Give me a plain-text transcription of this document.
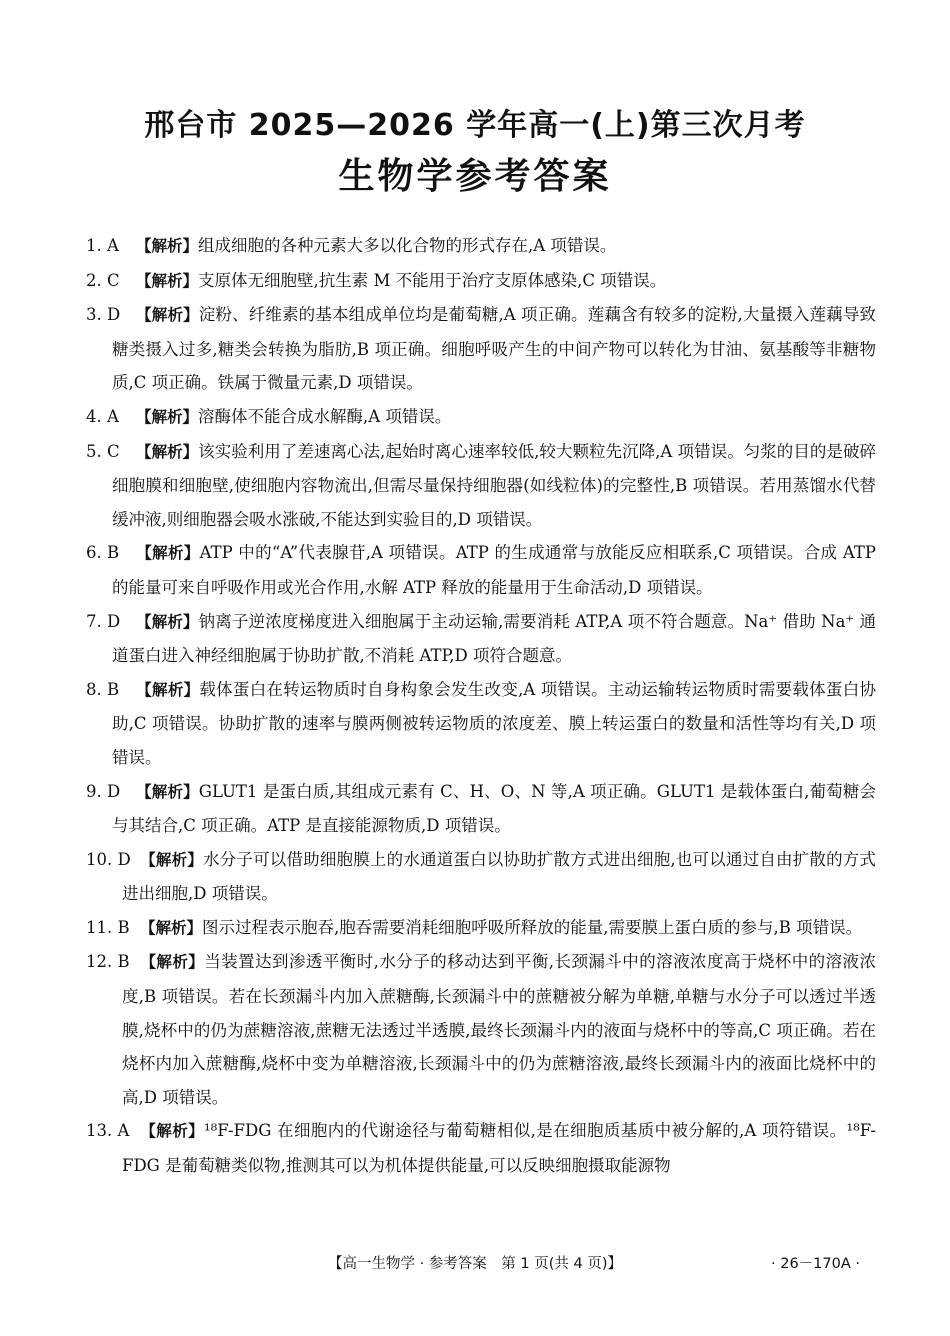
邢台市 2025—2026 学年高一(上)第三次月考
生物学参考答案

1. A 【解析】组成细胞的各种元素大多以化合物的形式存在,A 项错误。

2. C 【解析】支原体无细胞壁,抗生素 M 不能用于治疗支原体感染,C 项错误。

3. D 【解析】淀粉、纤维素的基本组成单位均是葡萄糖,A 项正确。莲藕含有较多的淀粉,大量摄入莲藕导致糖类摄入过多,糖类会转换为脂肪,B 项正确。细胞呼吸产生的中间产物可以转化为甘油、氨基酸等非糖物质,C 项正确。铁属于微量元素,D 项错误。

4. A 【解析】溶酶体不能合成水解酶,A 项错误。

5. C 【解析】该实验利用了差速离心法,起始时离心速率较低,较大颗粒先沉降,A 项错误。匀浆的目的是破碎细胞膜和细胞壁,使细胞内容物流出,但需尽量保持细胞器(如线粒体)的完整性,B 项错误。若用蒸馏水代替缓冲液,则细胞器会吸水涨破,不能达到实验目的,D 项错误。

6. B 【解析】ATP 中的“A”代表腺苷,A 项错误。ATP 的生成通常与放能反应相联系,C 项错误。合成 ATP 的能量可来自呼吸作用或光合作用,水解 ATP 释放的能量用于生命活动,D 项错误。

7. D 【解析】钠离子逆浓度梯度进入细胞属于主动运输,需要消耗 ATP,A 项不符合题意。Na⁺ 借助 Na⁺ 通道蛋白进入神经细胞属于协助扩散,不消耗 ATP,D 项符合题意。

8. B 【解析】载体蛋白在转运物质时自身构象会发生改变,A 项错误。主动运输转运物质时需要载体蛋白协助,C 项错误。协助扩散的速率与膜两侧被转运物质的浓度差、膜上转运蛋白的数量和活性等均有关,D 项错误。

9. D 【解析】GLUT1 是蛋白质,其组成元素有 C、H、O、N 等,A 项正确。GLUT1 是载体蛋白,葡萄糖会与其结合,C 项正确。ATP 是直接能源物质,D 项错误。

10. D 【解析】水分子可以借助细胞膜上的水通道蛋白以协助扩散方式进出细胞,也可以通过自由扩散的方式进出细胞,D 项错误。

11. B 【解析】图示过程表示胞吞,胞吞需要消耗细胞呼吸所释放的能量,需要膜上蛋白质的参与,B 项错误。

12. B 【解析】当装置达到渗透平衡时,水分子的移动达到平衡,长颈漏斗中的溶液浓度高于烧杯中的溶液浓度,B 项错误。若在长颈漏斗内加入蔗糖酶,长颈漏斗中的蔗糖被分解为单糖,单糖与水分子可以透过半透膜,烧杯中的仍为蔗糖溶液,蔗糖无法透过半透膜,最终长颈漏斗内的液面与烧杯中的等高,C 项正确。若在烧杯内加入蔗糖酶,烧杯中变为单糖溶液,长颈漏斗中的仍为蔗糖溶液,最终长颈漏斗内的液面比烧杯中的高,D 项错误。

13. A 【解析】¹⁸F-FDG 在细胞内的代谢途径与葡萄糖相似,是在细胞质基质中被分解的,A 项符错误。¹⁸F-FDG 是葡萄糖类似物,推测其可以为机体提供能量,可以反映细胞摄取能源物

【高一生物学 · 参考答案　第 1 页(共 4 页)】	· 26－170A ·
